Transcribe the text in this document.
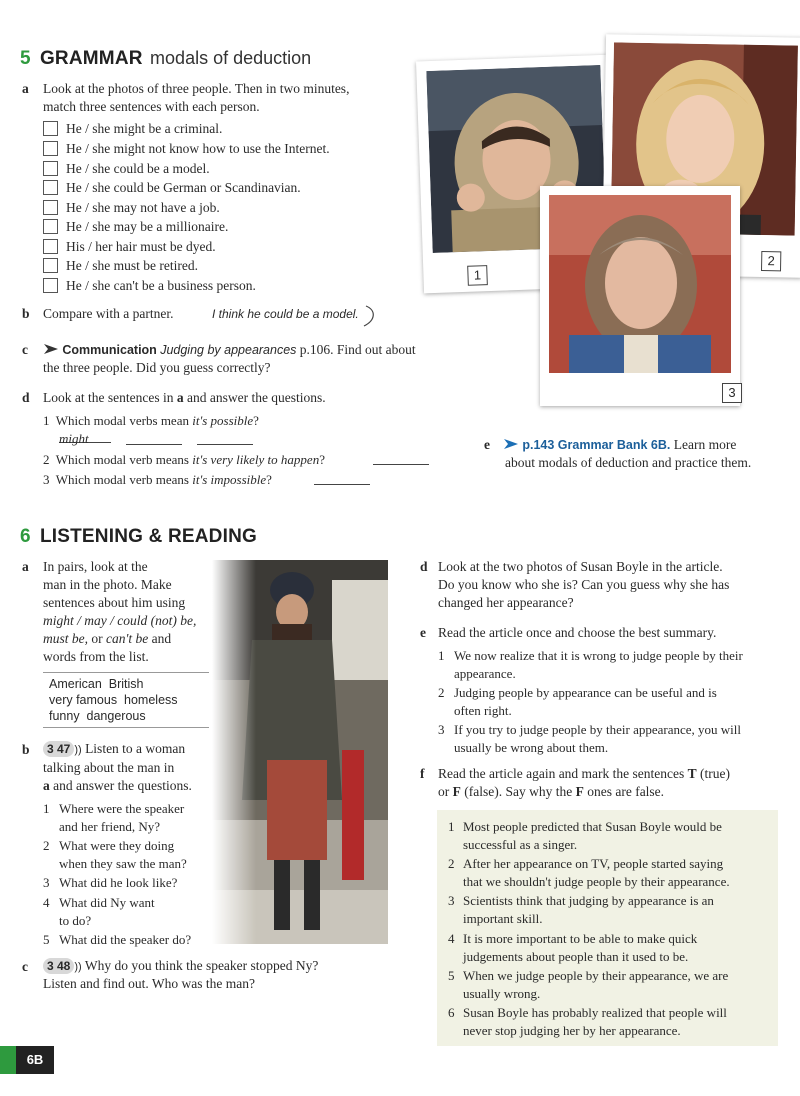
5 GRAMMAR modals of deduction
a Look at the photos of three people. Then in two minutes,
match three sentences with each person.
He / she might be a criminal.
He / she might not know how to use the Internet.
He / she could be a model.
He / she could be German or Scandinavian.
He / she may not have a job.
He / she may be a millionaire.
His / her hair must be dyed.
He / she must be retired.
He / she can't be a business person.
b Compare with a partner.	I think he could be a model.
c	Communication Judging by appearances p.106. Find out about
the three people. Did you guess correctly?
d Look at the sentences in a and answer the questions.
1 Which modal verbs mean it's possible?
might
2 Which modal verb means it's very likely to happen?
3 Which modal verb means it's impossible?
e	p.143 Grammar Bank 6B. Learn more
about modals of deduction and practice them.
1
2
3
6 LISTENING & READING
a In pairs, look at the
man in the photo. Make
sentences about him using
might / may / could (not) be,
must be, or can't be and
words from the list.
American  British
very famous  homeless
funny  dangerous
b	3 47 )) Listen to a woman
talking about the man in
a and answer the questions.
1 Where were the speaker
and her friend, Ny?
2 What were they doing
when they saw the man?
3 What did he look like?
4 What did Ny want
to do?
5 What did the speaker do?
c	3 48 )) Why do you think the speaker stopped Ny?
Listen and find out. Who was the man?
d Look at the two photos of Susan Boyle in the article.
Do you know who she is? Can you guess why she has
changed her appearance?
e Read the article once and choose the best summary.
1 We now realize that it is wrong to judge people by their
appearance.
2 Judging people by appearance can be useful and is
often right.
3 If you try to judge people by their appearance, you will
usually be wrong about them.
f Read the article again and mark the sentences T (true)
or F (false). Say why the F ones are false.
1 Most people predicted that Susan Boyle would be
successful as a singer.
2 After her appearance on TV, people started saying
that we shouldn't judge people by their appearance.
3 Scientists think that judging by appearance is an
important skill.
4 It is more important to be able to make quick
judgements about people than it used to be.
5 When we judge people by their appearance, we are
usually wrong.
6 Susan Boyle has probably realized that people will
never stop judging her by her appearance.
6B
